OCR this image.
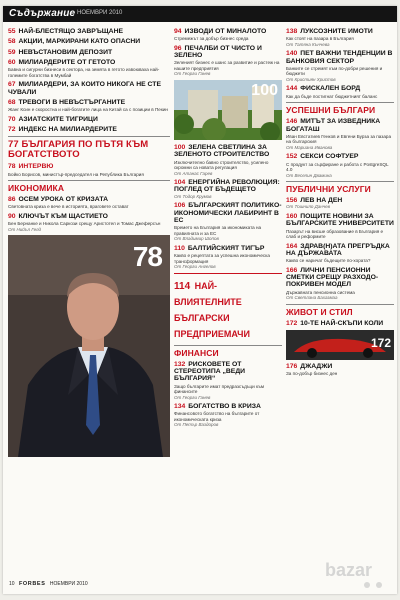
Съдържание НОЕМВРИ 2010
55 НАЙ-БЛЕСТЯЩО ЗАВРЪЩАНЕ
58 АКЦИИ, МАРКИРАНИ КАТО ОПАСНИ
59 НЕВЪСТАНОВИМ ДЕПОЗИТ
60 МИЛИАРДЕРИТЕ ОТ ГЕТОТО
Бавна и сигурни бизнеси в сектора, на земята в гетото извоюваха най-големите богатства в Мумбай
67 МИЛИАРДЕРИ, ЗА КОИТО НИКОГА НЕ СТЕ ЧУВАЛИ
68 ТРЕВОГИ В НЕВЪСТЪРГАНИТЕ
Жанг Ксин е скоростна и най-богатите лица на Китай са с позиции в Пекин
70 АЗИАТСКИТЕ ТИГРИЦИ
72 ИНДЕКС НА МИЛИАРДЕРИТЕ
77 БЪЛГАРИЯ ПО ПЪТЯ КЪМ БОГАТСТВОТО
78 ИНТЕРВЮ
Бойко Борисов, министър-председател на Република България
ИКОНОМИКА
86 ОСЕМ УРОКА ОТ КРИЗАТА
Световната криза е вече в историята, враговете остават
90 КЛЮЧЪТ КЪМ ЩАСТИЕТО
Бен Бернанке и Никола Саркози срещу Аристотел и Томас Джеферсън
От Нийъл Гелд
78
94 ИЗВОДИ ОТ МИНАЛОТО
Стремежът за добър бизнес среда
96 ПЕЧАЛБИ ОТ ЧИСТО И ЗЕЛЕНО
Зеленият бизнес е шанс за развитие и растеж на нашите предприятия
От Георги Ганев
100
100 ЗЕЛЕНА СВЕТЛИНА ЗА ЗЕЛЕНОТО СТРОИТЕЛСТВО
Изключително бавно строителство, усилено скромни са новата регулация
От Атанас Гарев
104 ЕНЕРГИЙНА РЕВОЛЮЦИЯ: ПОГЛЕД ОТ БЪДЕЩЕТО
От Тодор Крумов
106 БЪЛГАРСКИЯТ ПОЛИТИКО-ИКОНОМИЧЕСКИ ЛАБИРИНТ В ЕС
Времето на България за икономиката на правилната и за ЕС
От Владимир Шопов
110 БАЛТИЙСКИЯТ ТИГЪР
Какво е рецептата за успешна икономическа трансформация
От Георги Ангелов
114 НАЙ-ВЛИЯТЕЛНИТЕ БЪЛГАРСКИ ПРЕДПРИЕМАЧИ
ФИНАНСИ
132 РИСКОВЕТЕ ОТ СТЕРЕОТИПА „ВЕДИ БЪЛГАРИЯ“
Защо българите имат предразсъдъци към финансите
От Георги Ганев
134 БОГАТСТВО В КРИЗА
Финансовото богатство на българите от икономическата криза
От Петър Ваздоров
138 ЛУКСОЗНИТЕ ИМОТИ
Как стоят на пазара в България
От Татяна Кънчева
140 ПЕТ ВАЖНИ ТЕНДЕНЦИИ В БАНКОВИЯ СЕКТОР
Банките се стремят към по-добри решения и бюджети
От Кристиян Христов
144 ФИСКАЛЕН БОРД
Как да бъде постигнат бюджетният баланс
УСПЕШНИ БЪЛГАРИ
146 МИТЪТ ЗА ИЗВЕДНИКА БОГАТАШ
Иван Евстатиев Генков и Евгени Бурза за пазара на българския
От Мариана Иванова
152 СЕКСИ СОФТУЕР
С продукт за сърфиране и работа с PostgreSQL 4.0
От Веселин Двамина
ПУБЛИЧНИ УСЛУГИ
156 ЛЕВ НА ДЕН
От Тошнило Данчев
160 ПОЩИТЕ НОВИНИ ЗА БЪЛГАРСКИТЕ УНИВЕРСИТЕТИ
Пазарът на висше образование в България е слаб и реформите
164 ЗДРАВ(Н)АТА ПРЕГРЪДКА НА ДЪРЖАВАТА
Какво се наричат бъдещите по-хората?
166 ЛИЧНИ ПЕНСИОННИ СМЕТКИ СРЕЩУ РАЗХОДО-ПОКРИВЕН МОДЕЛ
Държавната пенсионна система
От Светлана Бахазмаа
ЖИВОТ И СТИЛ
172 10-ТЕ НАЙ-СКЪПИ КОЛИ
172
176 ДЖАДЖИ
За по-добър бизнес ден
10 FORBES НОЕМВРИ 2010
bazar
